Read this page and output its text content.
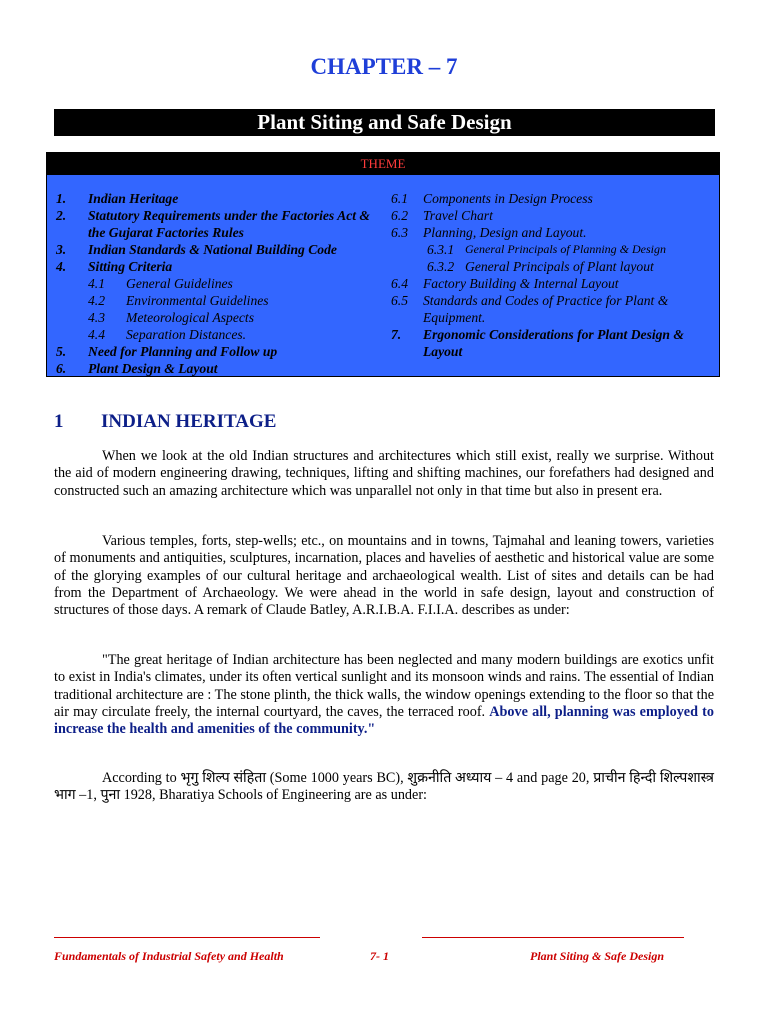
CHAPTER – 7
Plant Siting and Safe Design
THEME
1.	Indian Heritage
2.	Statutory Requirements under the Factories Act & the Gujarat Factories Rules
3.	Indian Standards & National Building Code
4.	Sitting Criteria
4.1	General Guidelines
4.2	Environmental Guidelines
4.3	Meteorological Aspects
4.4	Separation Distances.
5.	Need for Planning and Follow up
6.	Plant Design & Layout
6.1	Components in Design Process
6.2	Travel Chart
6.3	Planning, Design and Layout.
6.3.1 General Principals of Planning & Design
6.3.2 General Principals of Plant layout
6.4	Factory Building & Internal Layout
6.5	Standards and Codes of Practice for Plant & Equipment.
7.	Ergonomic Considerations for Plant Design & Layout
1 INDIAN HERITAGE

When we look at the old Indian structures and architectures which still exist, really we surprise. Without the aid of modern engineering drawing, techniques, lifting and shifting machines, our forefathers had designed and constructed such an amazing architecture which was unparallel not only in that time but also in present era.

Various temples, forts, step-wells; etc., on mountains and in towns, Tajmahal and leaning towers, varieties of monuments and antiquities, sculptures, incarnation, places and havelies of aesthetic and historical value are some of the glorying examples of our cultural heritage and archaeological wealth. List of sites and details can be had from the Department of Archaeology. We were ahead in the world in safe design, layout and construction of structures of those days. A remark of Claude Batley, A.R.I.B.A. F.I.I.A. describes as under:

"The great heritage of Indian architecture has been neglected and many modern buildings are exotics unfit to exist in India's climates, under its often vertical sunlight and its monsoon winds and rains. The essential of Indian traditional architecture are : The stone plinth, the thick walls, the window openings extending to the floor so that the air may circulate freely, the internal courtyard, the caves, the terraced roof. Above all, planning was employed to increase the health and amenities of the community."

According to भृगु शिल्प संहिता (Some 1000 years BC), शुक्रनीति अध्याय – 4 and page 20, प्राचीन हिन्दी शिल्पशास्त्र भाग –1, पुना 1928, Bharatiya Schools of Engineering are as under:

Fundamentals of Industrial Safety and Health	7- 1	Plant Siting & Safe Design
